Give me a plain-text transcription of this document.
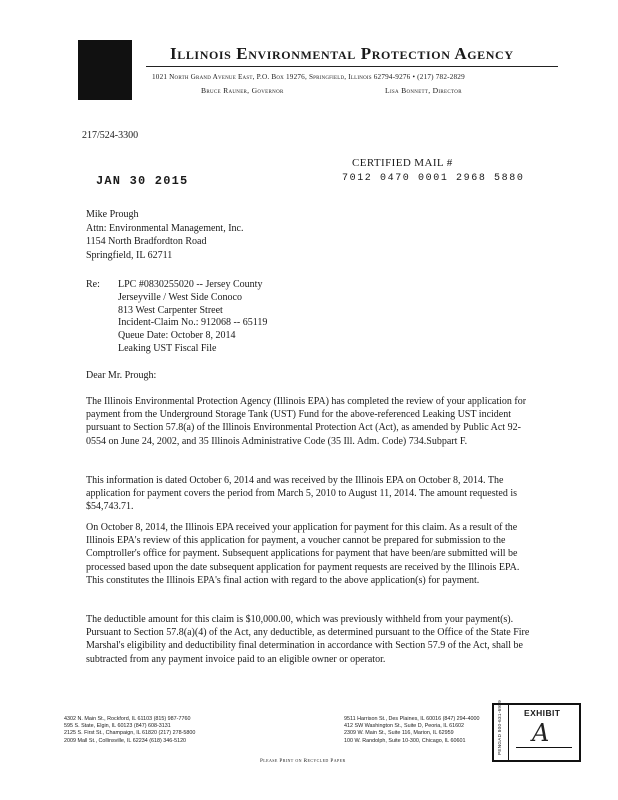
Illinois Environmental Protection Agency
1021 North Grand Avenue East, P.O. Box 19276, Springfield, Illinois 62794-9276 • (217) 782-2829
Bruce Rauner, Governor	Lisa Bonnett, Director
217/524-3300
JAN 30 2015
CERTIFIED MAIL #
7012 0470 0001 2968 5880
Mike Prough
Attn: Environmental Management, Inc.
1154 North Bradfordton Road
Springfield, IL 62711
Re: LPC #0830255020 -- Jersey County
Jerseyville / West Side Conoco
813 West Carpenter Street
Incident-Claim No.: 912068 -- 65119
Queue Date: October 8, 2014
Leaking UST Fiscal File
Dear Mr. Prough:

The Illinois Environmental Protection Agency (Illinois EPA) has completed the review of your application for payment from the Underground Storage Tank (UST) Fund for the above-referenced Leaking UST incident pursuant to Section 57.8(a) of the Illinois Environmental Protection Act (Act), as amended by Public Act 92-0554 on June 24, 2002, and 35 Illinois Administrative Code (35 Ill. Adm. Code) 734.Subpart F.

This information is dated October 6, 2014 and was received by the Illinois EPA on October 8, 2014. The application for payment covers the period from March 5, 2010 to August 11, 2014. The amount requested is $54,743.71.

On October 8, 2014, the Illinois EPA received your application for payment for this claim. As a result of the Illinois EPA's review of this application for payment, a voucher cannot be prepared for submission to the Comptroller's office for payment. Subsequent applications for payment that have been/are submitted will be processed based upon the date subsequent application for payment requests are received by the Illinois EPA. This constitutes the Illinois EPA's final action with regard to the above application(s) for payment.

The deductible amount for this claim is $10,000.00, which was previously withheld from your payment(s). Pursuant to Section 57.8(a)(4) of the Act, any deductible, as determined pursuant to the Office of the State Fire Marshal's eligibility and deductibility final determination in accordance with Section 57.9 of the Act, shall be subtracted from any payment invoice paid to an eligible owner or operator.

4302 N. Main St., Rockford, IL 61103 (815) 987-7760
595 S. State, Elgin, IL 60123 (847) 608-3131
2125 S. First St., Champaign, IL 61820 (217) 278-5800
2009 Mall St., Collinsville, IL 62234 (618) 346-5120
9511 Harrison St., Des Plaines, IL 60016 (847) 294-4000
412 SW Washington St., Suite D, Peoria, IL 61602
2309 W. Main St., Suite 116, Marion, IL 62959
100 W. Randolph, Suite 10-300, Chicago, IL 60601
Please Print on Recycled Paper
PENGAD 800-631-6989	EXHIBIT
A
